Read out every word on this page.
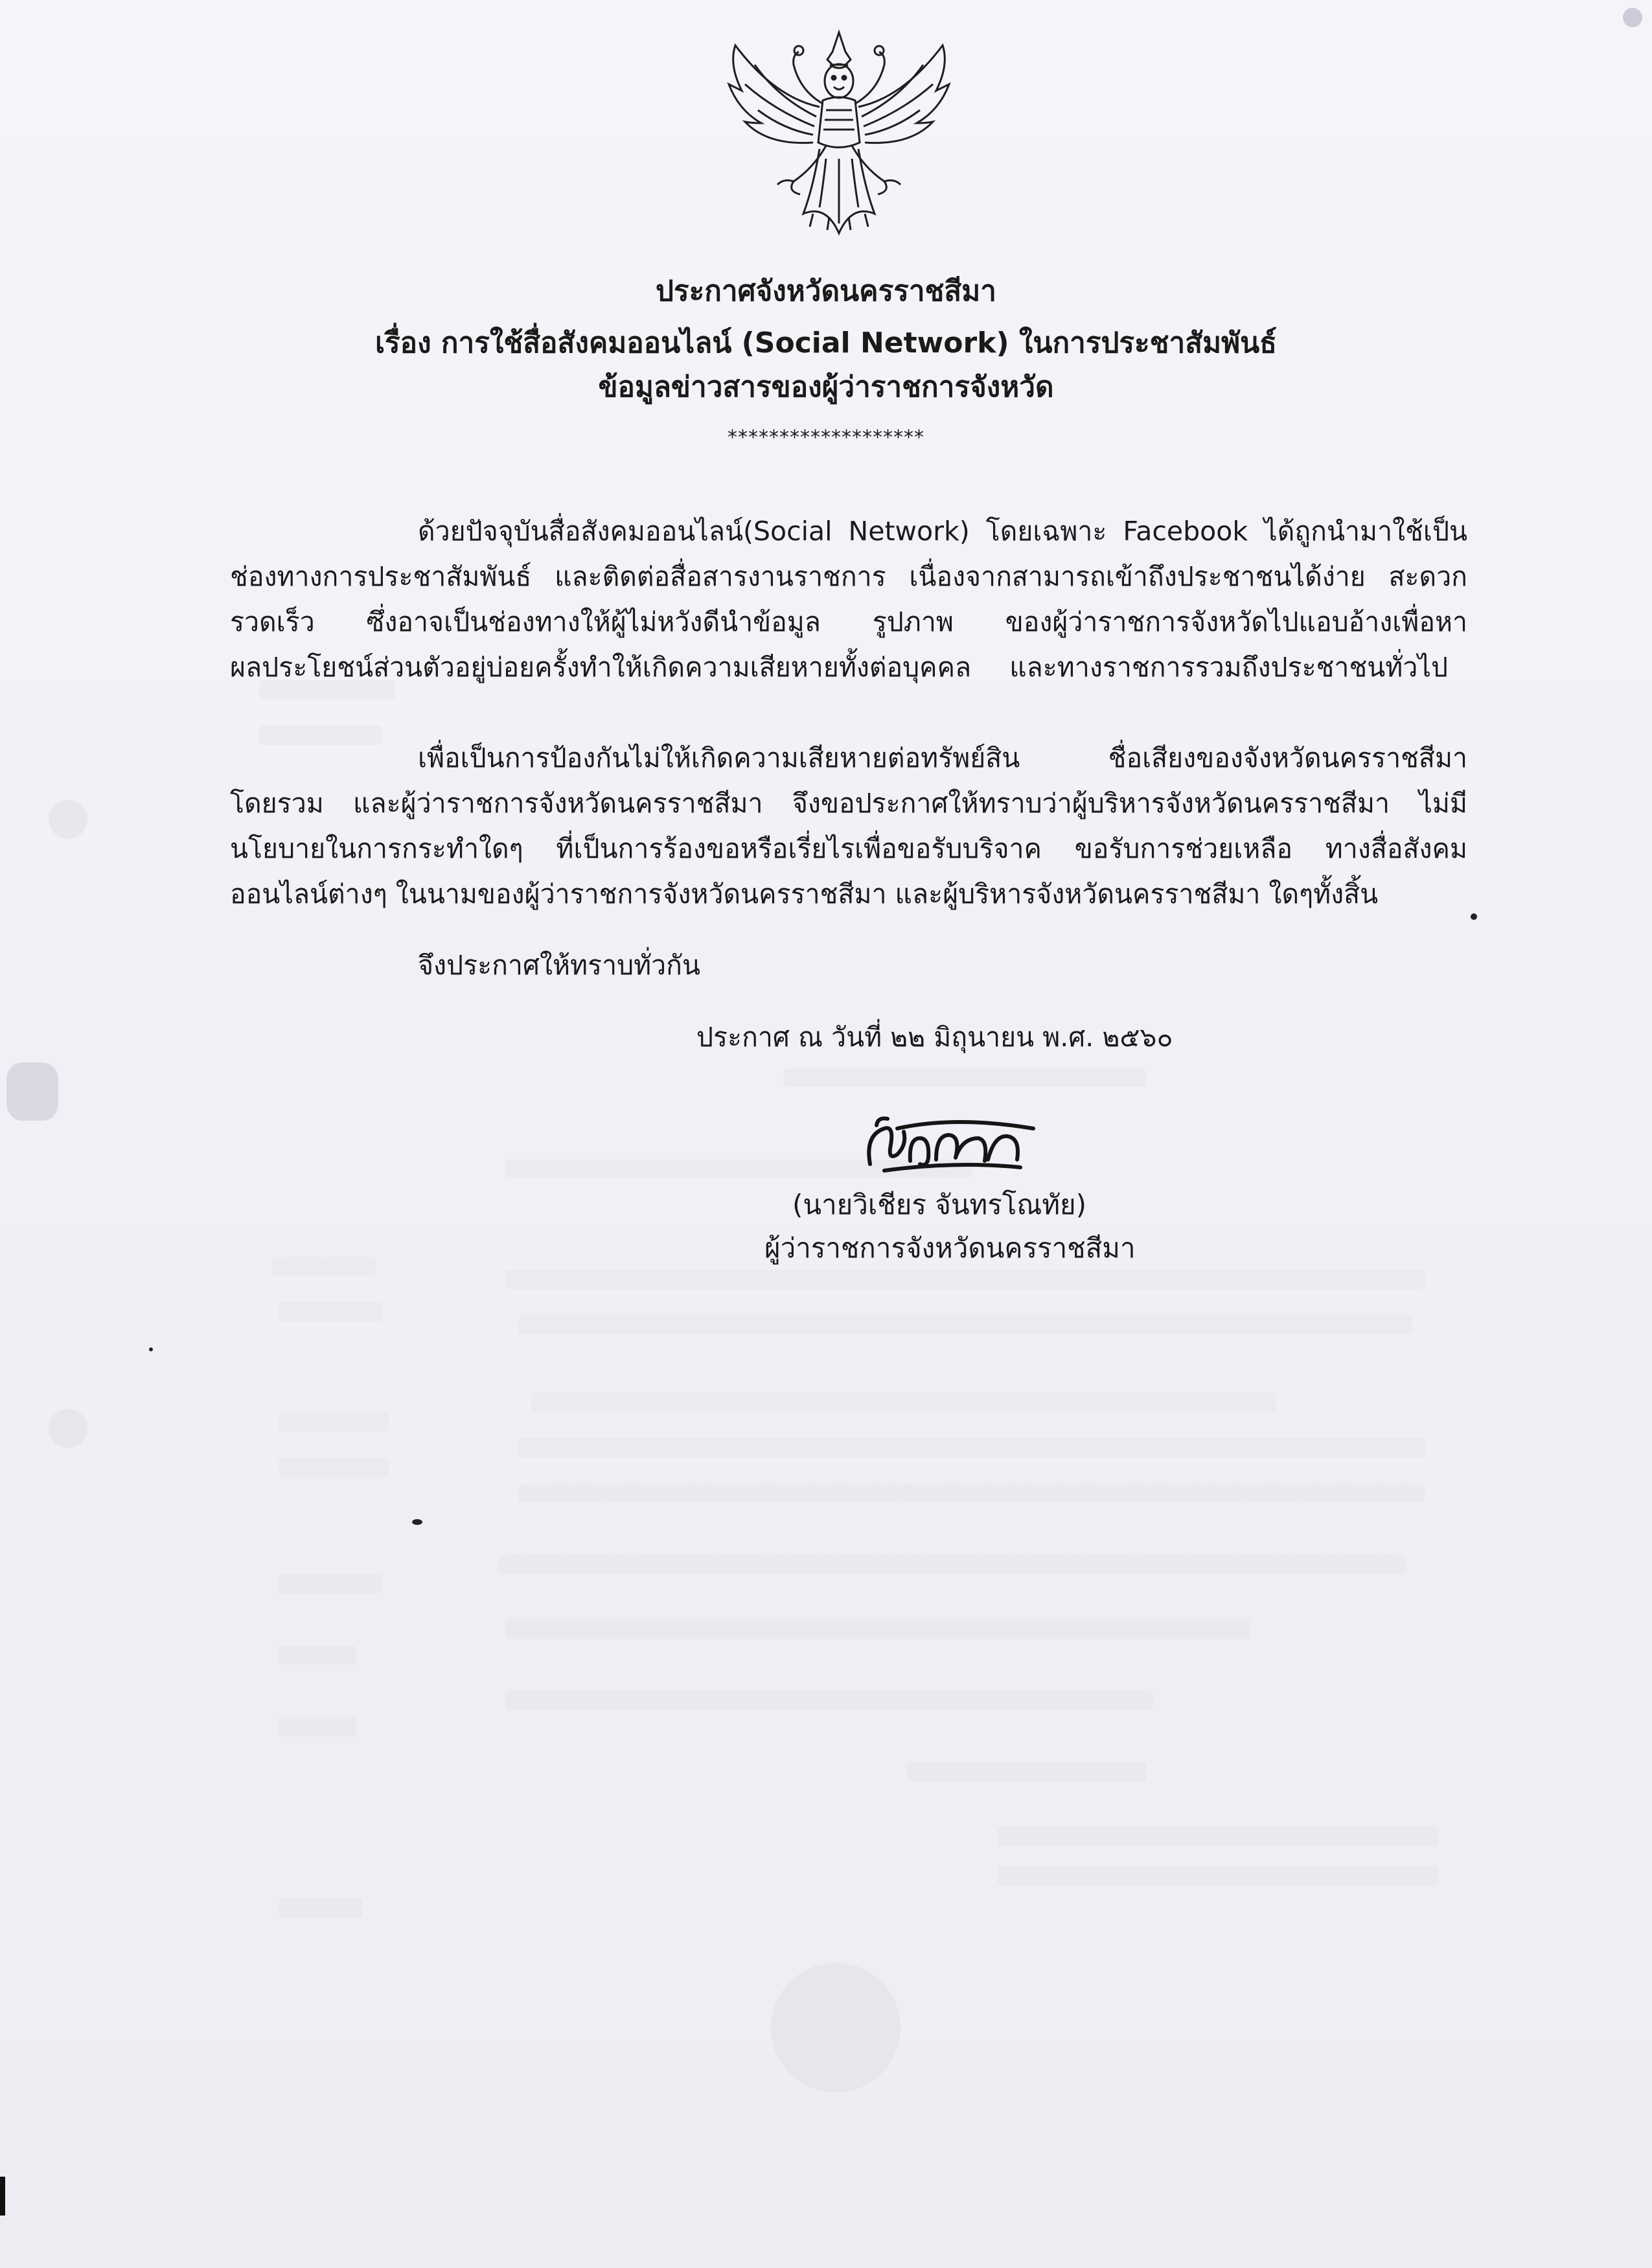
ประกาศจังหวัดนครราชสีมา
เรื่อง การใช้สื่อสังคมออนไลน์ (Social Network) ในการประชาสัมพันธ์
ข้อมูลข่าวสารของผู้ว่าราชการจังหวัด
*******************
ด้วยปัจจุบันสื่อสังคมออนไลน์(Social Network) โดยเฉพาะ Facebook ได้ถูกนำมาใช้เป็น
ช่องทางการประชาสัมพันธ์ และติดต่อสื่อสารงานราชการ เนื่องจากสามารถเข้าถึงประชาชนได้ง่าย สะดวก
รวดเร็ว ซึ่งอาจเป็นช่องทางให้ผู้ไม่หวังดีนำข้อมูล รูปภาพ ของผู้ว่าราชการจังหวัดไปแอบอ้างเพื่อหา
ผลประโยชน์ส่วนตัวอยู่บ่อยครั้งทำให้เกิดความเสียหายทั้งต่อบุคคล และทางราชการรวมถึงประชาชนทั่วไป
เพื่อเป็นการป้องกันไม่ให้เกิดความเสียหายต่อทรัพย์สิน ชื่อเสียงของจังหวัดนครราชสีมา
โดยรวม และผู้ว่าราชการจังหวัดนครราชสีมา จึงขอประกาศให้ทราบว่าผู้บริหารจังหวัดนครราชสีมา ไม่มี
นโยบายในการกระทำใดๆ ที่เป็นการร้องขอหรือเรี่ยไรเพื่อขอรับบริจาค ขอรับการช่วยเหลือ ทางสื่อสังคม
ออนไลน์ต่างๆ ในนามของผู้ว่าราชการจังหวัดนครราชสีมา และผู้บริหารจังหวัดนครราชสีมา ใดๆทั้งสิ้น
จึงประกาศให้ทราบทั่วกัน
ประกาศ ณ วันที่ ๒๒ มิถุนายน พ.ศ. ๒๕๖๐
(นายวิเชียร จันทรโณทัย)
ผู้ว่าราชการจังหวัดนครราชสีมา
